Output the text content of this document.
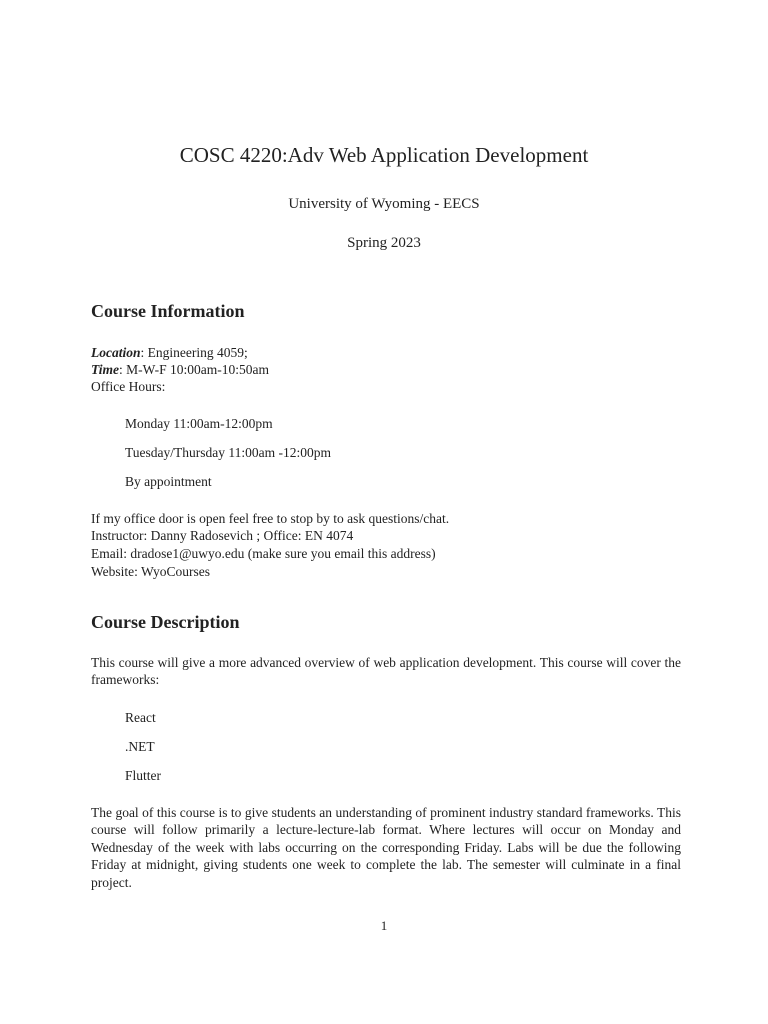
COSC 4220:Adv Web Application Development
University of Wyoming - EECS
Spring 2023
Course Information
Location: Engineering 4059;
Time: M-W-F 10:00am-10:50am
Office Hours:
Monday 11:00am-12:00pm
Tuesday/Thursday 11:00am -12:00pm
By appointment
If my office door is open feel free to stop by to ask questions/chat.
Instructor: Danny Radosevich ; Office: EN 4074
Email: dradose1@uwyo.edu (make sure you email this address)
Website: WyoCourses
Course Description
This course will give a more advanced overview of web application development. This course will cover the frameworks:
React
.NET
Flutter
The goal of this course is to give students an understanding of prominent industry standard frameworks. This course will follow primarily a lecture-lecture-lab format. Where lectures will occur on Monday and Wednesday of the week with labs occurring on the corresponding Friday. Labs will be due the following Friday at midnight, giving students one week to complete the lab. The semester will culminate in a final project.
1
